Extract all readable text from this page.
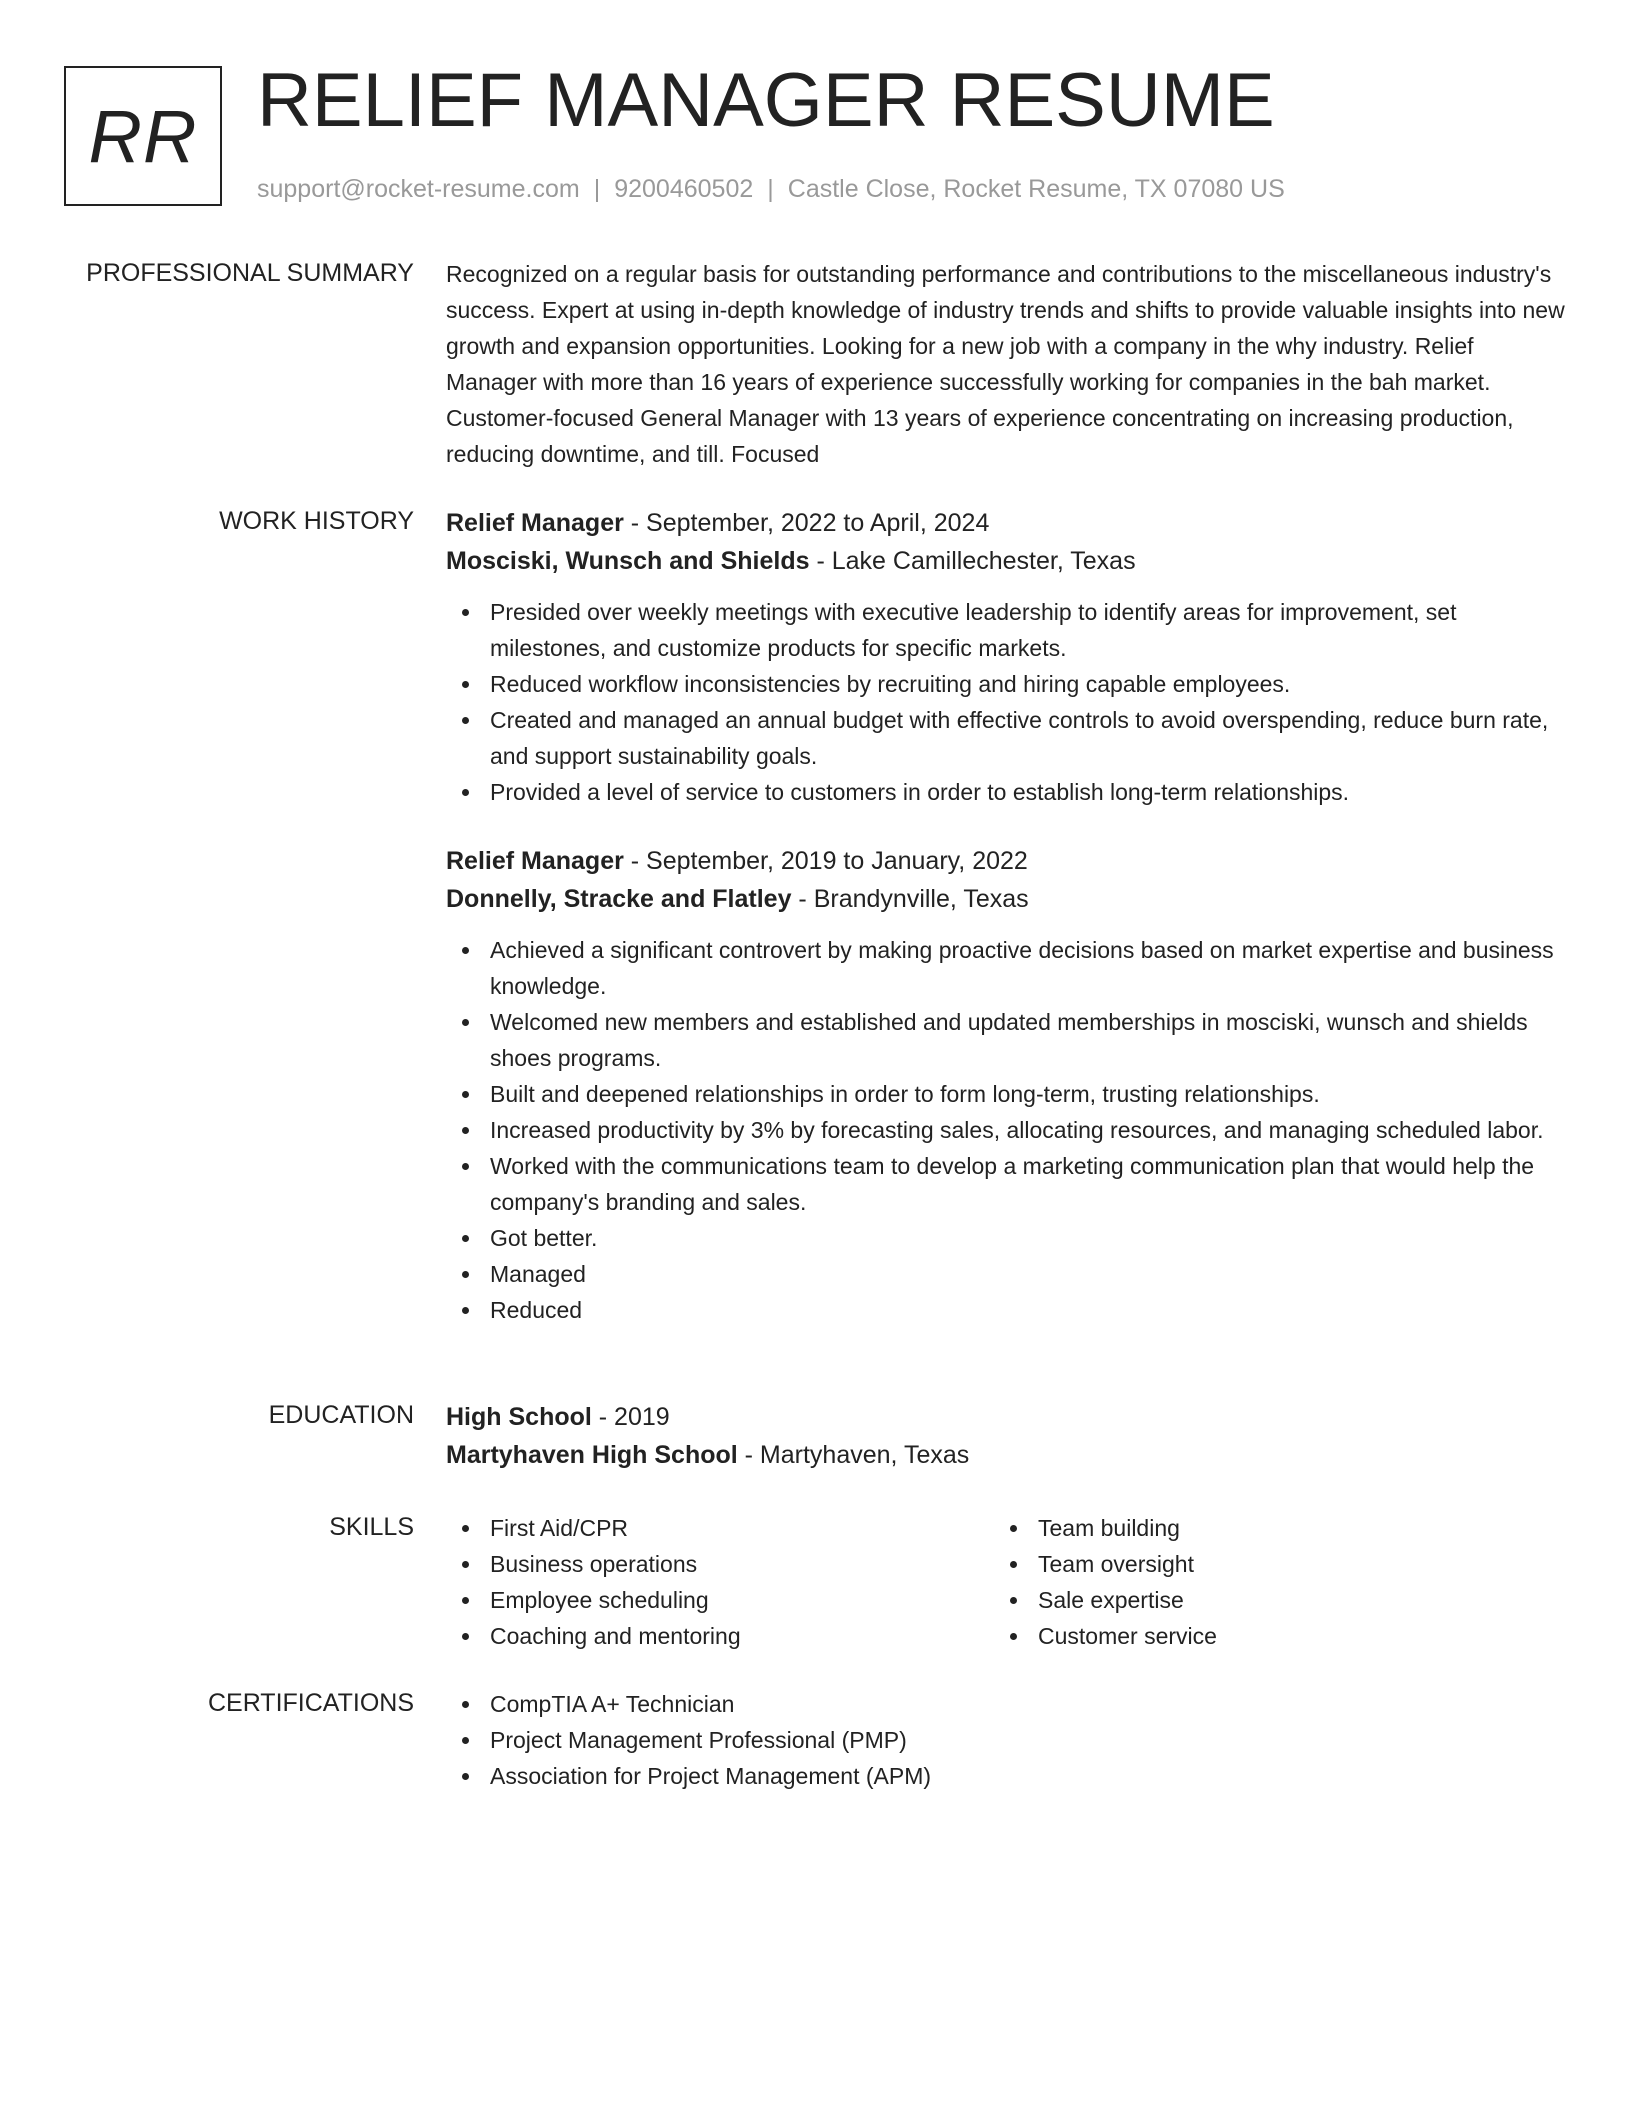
RR RELIEF MANAGER RESUME
support@rocket-resume.com | 9200460502 | Castle Close, Rocket Resume, TX 07080 US
PROFESSIONAL SUMMARY Recognized on a regular basis for outstanding performance and contributions to the miscellaneous industry's success. Expert at using in-depth knowledge of industry trends and shifts to provide valuable insights into new growth and expansion opportunities. Looking for a new job with a company in the why industry. Relief Manager with more than 16 years of experience successfully working for companies in the bah market. Customer-focused General Manager with 13 years of experience concentrating on increasing production, reducing downtime, and till. Focused

WORK HISTORY Relief Manager - September, 2022 to April, 2024
Mosciski, Wunsch and Shields - Lake Camillechester, Texas
Presided over weekly meetings with executive leadership to identify areas for improvement, set milestones, and customize products for specific markets.
Reduced workflow inconsistencies by recruiting and hiring capable employees.
Created and managed an annual budget with effective controls to avoid overspending, reduce burn rate, and support sustainability goals.
Provided a level of service to customers in order to establish long-term relationships.
Relief Manager - September, 2019 to January, 2022
Donnelly, Stracke and Flatley - Brandynville, Texas
Achieved a significant controvert by making proactive decisions based on market expertise and business knowledge.
Welcomed new members and established and updated memberships in mosciski, wunsch and shields shoes programs.
Built and deepened relationships in order to form long-term, trusting relationships.
Increased productivity by 3% by forecasting sales, allocating resources, and managing scheduled labor.
Worked with the communications team to develop a marketing communication plan that would help the company's branding and sales.
Got better.
Managed
Reduced
EDUCATION High School - 2019
Martyhaven High School - Martyhaven, Texas
SKILLS	First Aid/CPR
Business operations
Employee scheduling
Coaching and mentoring
Team building
Team oversight
Sale expertise
Customer service
CERTIFICATIONS	CompTIA A+ Technician
Project Management Professional (PMP)
Association for Project Management (APM)
